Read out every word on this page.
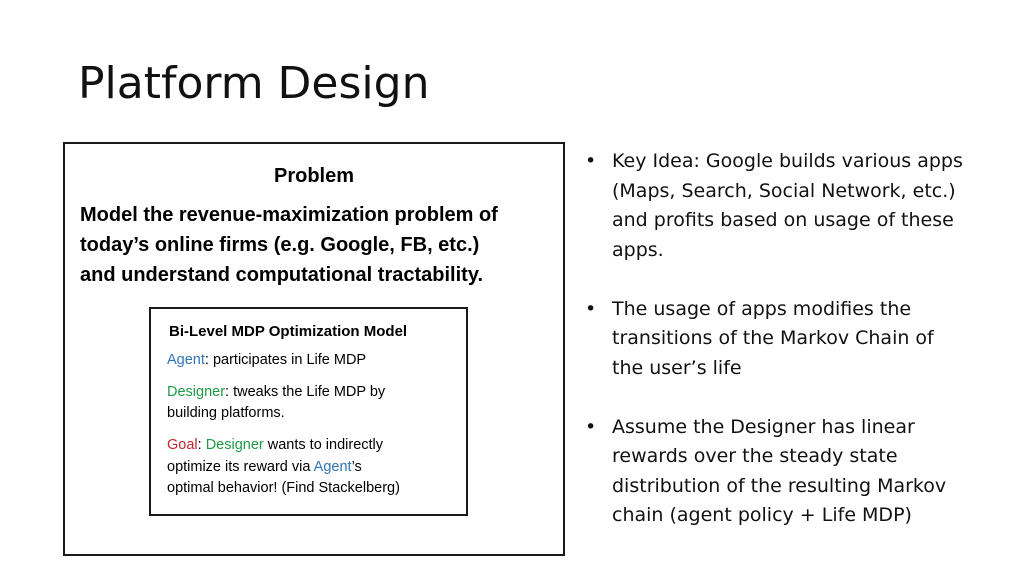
Platform Design
Problem
Model the revenue-maximization problem of
today’s online firms (e.g. Google, FB, etc.)
and understand computational tractability.
Bi-Level MDP Optimization Model
Agent: participates in Life MDP
Designer: tweaks the Life MDP by
building platforms.
Goal: Designer wants to indirectly
optimize its reward via Agent’s
optimal behavior! (Find Stackelberg)
• Key Idea: Google builds various apps
(Maps, Search, Social Network, etc.)
and profits based on usage of these
apps.
• The usage of apps modifies the
transitions of the Markov Chain of
the user’s life
• Assume the Designer has linear
rewards over the steady state
distribution of the resulting Markov
chain (agent policy + Life MDP)
